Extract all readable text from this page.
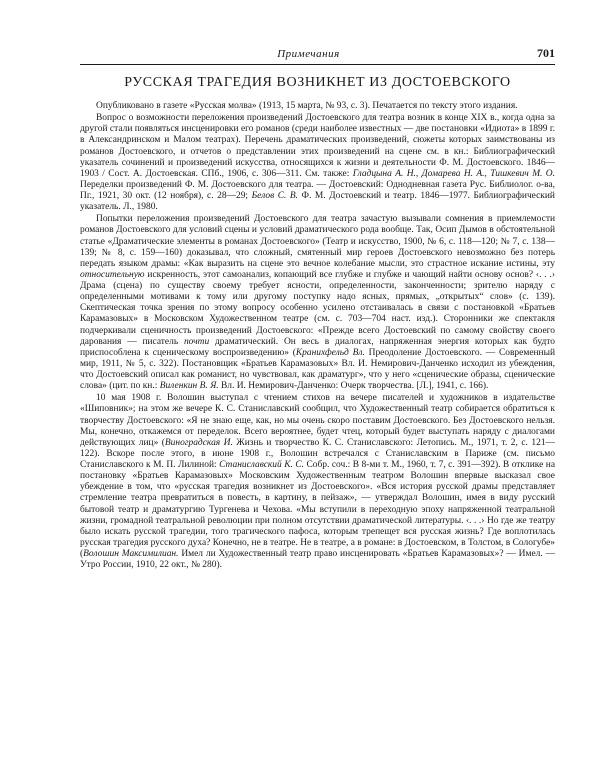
Примечания	701
РУССКАЯ ТРАГЕДИЯ ВОЗНИКНЕТ ИЗ ДОСТОЕВСКОГО

Опубликовано в газете «Русская молва» (1913, 15 марта, № 93, с. 3). Печатается по тексту этого издания.

Вопрос о возможности переложения произведений Достоевского для театра возник в конце XIX в., когда одна за другой стали появляться инсценировки его романов (среди наиболее известных — две постановки «Идиота» в 1899 г. в Александринском и Малом театрах). Перечень драматических произведений, сюжеты которых заимствованы из романов Достоевского, и отчетов о представлении этих произведений на сцене см. в кн.: Библиографический указатель сочинений и произведений искусства, относящихся к жизни и деятельности Ф. М. Достоевского. 1846—1903 / Сост. А. Достоевская. СПб., 1906, с. 306—311. См. также: Гладцына А. Н., Домарева Н. А., Тишкевич М. О. Переделки произведений Ф. М. Достоевского для театра. — Достоевский: Однодневная газета Рус. Библиолог. о-ва, Пг., 1921, 30 окт. (12 ноября), с. 28—29; Белов С. В. Ф. М. Достоевский и театр. 1846—1977. Библиографический указатель. Л., 1980.

Попытки переложения произведений Достоевского для театра зачастую вызывали сомнения в приемлемости романов Достоевского для условий сцены и условий драматического рода вообще. Так, Осип Дымов в обстоятельной статье «Драматические элементы в романах Достоевского» (Театр и искусство, 1900, № 6, с. 118—120; № 7, с. 138—139; № 8, с. 159—160) доказывал, что сложный, смятенный мир героев Достоевского невозможно без потерь передать языком драмы: «Как выразить на сцене это вечное колебание мысли, это страстное искание истины, эту относительную искренность, этот самоанализ, копающий все глубже и глубже и чающий найти основу основ? ‹. . .› Драма (сцена) по существу своему требует ясности, определенности, законченности; зрителю наряду с определенными мотивами к тому или другому поступку надо ясных, прямых, „открытых“ слов» (с. 139). Скептическая точка зрения по этому вопросу особенно усилено отстаивалась в связи с постановкой «Братьев Карамазовых» в Московском Художественном театре (см. с. 703—704 наст. изд.). Сторонники же спектакля подчеркивали сценичность произведений Достоевского: «Прежде всего Достоевский по самому свойству своего дарования — писатель почти драматический. Он весь в диалогах, напряженная энергия которых как будто приспособлена к сценическому воспроизведению» (Кранихфельд Вл. Преодоление Достоевского. — Современный мир, 1911, № 5, с. 322). Постановщик «Братьев Карамазовых» Вл. И. Немирович-Данченко исходил из убеждения, что Достоевский описал как романист, но чувствовал, как драматург», что у него «сценические образы, сценические слова» (цит. по кн.: Виленкин В. Я. Вл. И. Немирович-Данченко: Очерк творчества. [Л.], 1941, с. 166).

10 мая 1908 г. Волошин выступал с чтением стихов на вечере писателей и художников в издательстве «Шиповник»; на этом же вечере К. С. Станиславский сообщил, что Художественный театр собирается обратиться к творчеству Достоевского: «Я не знаю еще, как, но мы очень скоро поставим Достоевского. Без Достоевского нельзя. Мы, конечно, откажемся от переделок. Всего вероятнее, будет чтец, который будет выступать наряду с диалогами действующих лиц» (Виноградская И. Жизнь и творчество К. С. Станиславского: Летопись. М., 1971, т. 2, с. 121—122). Вскоре после этого, в июне 1908 г., Волошин встречался с Станиславским в Париже (см. письмо Станиславского к М. П. Лилиной: Станиславский К. С. Собр. соч.: В 8-ми т. М., 1960, т. 7, с. 391—392). В отклике на постановку «Братьев Карамазовых» Московским Художественным театром Волошин впервые высказал свое убеждение в том, что «русская трагедия возникнет из Достоевского». «Вся история русской драмы представляет стремление театра превратиться в повесть, в картину, в пейзаж», — утверждал Волошин, имея в виду русский бытовой театр и драматургию Тургенева и Чехова. «Мы вступили в переходную эпоху напряженной театральной жизни, громадной театральной революции при полном отсутствии драматической литературы. ‹. . .› Но где же театру было искать русской трагедии, того трагического пафоса, которым трепещет вся русская жизнь? Где воплотилась русская трагедия русского духа? Конечно, не в театре. Не в театре, а в романе: в Достоевском, в Толстом, в Сологубе» (Волошин Максимилиан. Имел ли Художественный театр право инсценировать «Братьев Карамазовых»? — Имел. — Утро России, 1910, 22 окт., № 280).
